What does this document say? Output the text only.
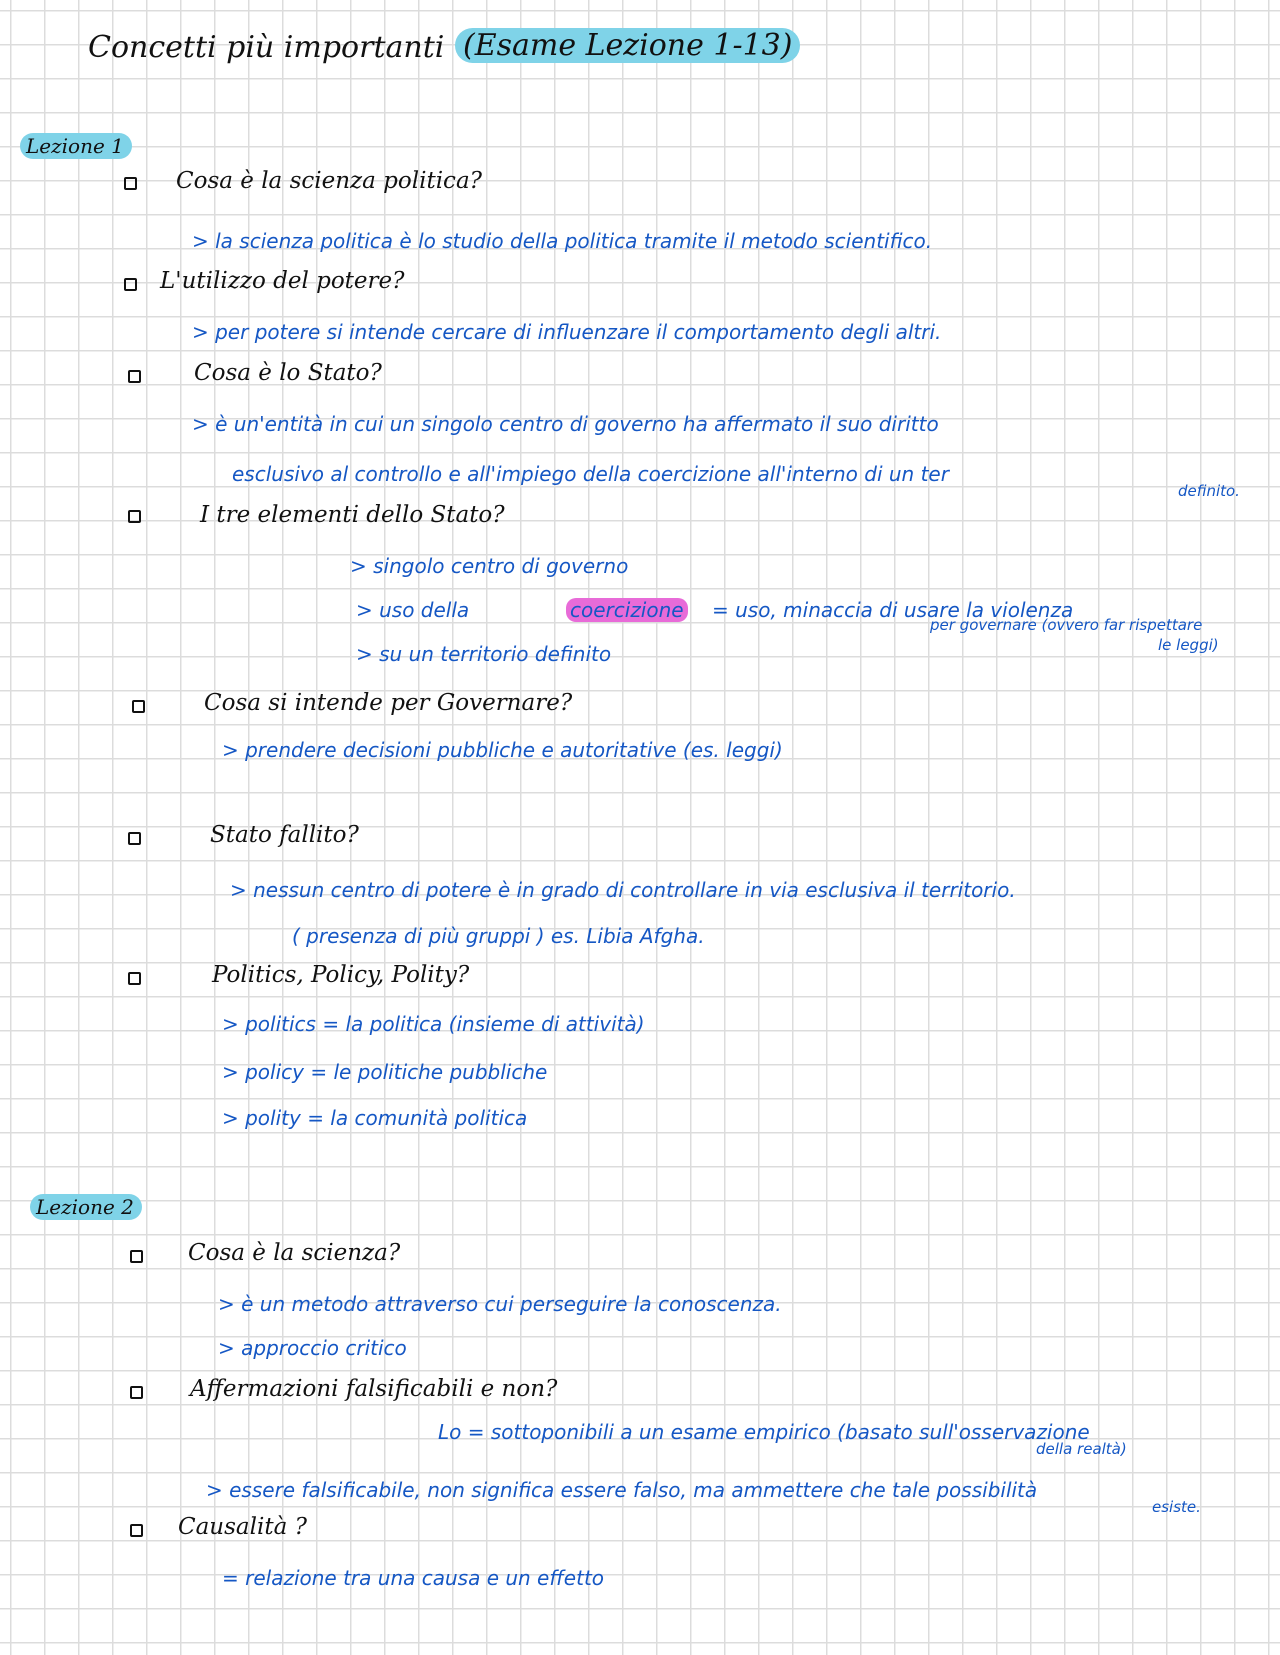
Concetti più importanti (Esame Lezione 1-13)
Lezione 1
Cosa è la scienza politica?
> la scienza politica è lo studio della politica tramite il metodo scientifico.
L'utilizzo del potere?
> per potere si intende cercare di influenzare il comportamento degli altri.
Cosa è lo Stato?
> è un'entità in cui un singolo centro di governo ha affermato il suo diritto
esclusivo al controllo e all'impiego della coercizione all'interno di un ter
definito.
I tre elementi dello Stato?
> singolo centro di governo
> uso della	coercizione = uso, minaccia di usare la violenza
per governare (ovvero far rispettare
le leggi)
> su un territorio definito
Cosa si intende per Governare?
> prendere decisioni pubbliche e autoritative (es. leggi)
Stato fallito?
> nessun centro di potere è in grado di controllare in via esclusiva il territorio.
( presenza di più gruppi ) es. Libia Afgha.
Politics, Policy, Polity?
> politics = la politica (insieme di attività)
> policy = le politiche pubbliche
> polity = la comunità politica
Lezione 2
Cosa è la scienza?
> è un metodo attraverso cui perseguire la conoscenza.
> approccio critico
Affermazioni falsificabili e non?
Lo = sottoponibili a un esame empirico (basato sull'osservazione
della realtà)
> essere falsificabile, non significa essere falso, ma ammettere che tale possibilità
esiste.
Causalità ?
= relazione tra una causa e un effetto
